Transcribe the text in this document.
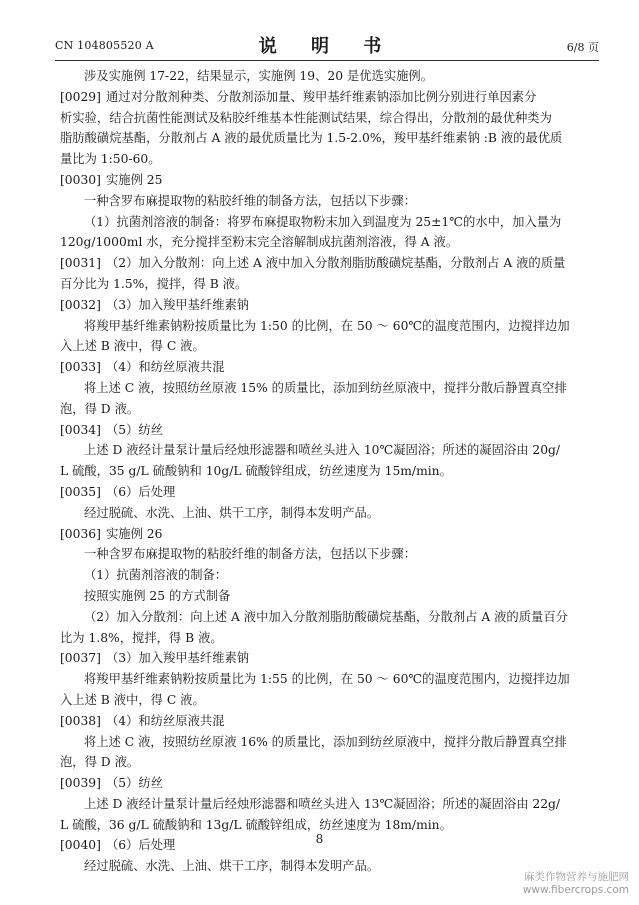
CN 104805520 A	说 明 书	6/8 页
涉及实施例 17-22，结果显示，实施例 19、20 是优选实施例。
[0029] 通过对分散剂种类、分散剂添加量、羧甲基纤维素钠添加比例分别进行单因素分
析实验，结合抗菌性能测试及粘胶纤维基本性能测试结果，综合得出，分散剂的最优种类为
脂肪酸磺烷基酯，分散剂占 A 液的最优质量比为 1.5-2.0%，羧甲基纤维素钠 :B 液的最优质
量比为 1:50-60。
[0030] 实施例 25
一种含罗布麻提取物的粘胶纤维的制备方法，包括以下步骤：
（1）抗菌剂溶液的制备：将罗布麻提取物粉末加入到温度为 25±1℃的水中，加入量为
120g/1000ml 水，充分搅拌至粉末完全溶解制成抗菌剂溶液，得 A 液。
[0031] （2）加入分散剂：向上述 A 液中加入分散剂脂肪酸磺烷基酯，分散剂占 A 液的质量
百分比为 1.5%，搅拌，得 B 液。
[0032] （3）加入羧甲基纤维素钠
将羧甲基纤维素钠粉按质量比为 1:50 的比例，在 50 ～ 60℃的温度范围内，边搅拌边加
入上述 B 液中，得 C 液。
[0033] （4）和纺丝原液共混
将上述 C 液，按照纺丝原液 15% 的质量比，添加到纺丝原液中，搅拌分散后静置真空排
泡，得 D 液。
[0034] （5）纺丝
上述 D 液经计量泵计量后经烛形滤器和喷丝头进入 10℃凝固浴；所述的凝固浴由 20g/
L 硫酸，35 g/L 硫酸钠和 10g/L 硫酸锌组成，纺丝速度为 15m/min。
[0035] （6）后处理
经过脱硫、水洗、上油、烘干工序，制得本发明产品。
[0036] 实施例 26
一种含罗布麻提取物的粘胶纤维的制备方法，包括以下步骤：
（1）抗菌剂溶液的制备：
按照实施例 25 的方式制备
（2）加入分散剂：向上述 A 液中加入分散剂脂肪酸磺烷基酯，分散剂占 A 液的质量百分
比为 1.8%，搅拌，得 B 液。
[0037] （3）加入羧甲基纤维素钠
将羧甲基纤维素钠粉按质量比为 1:55 的比例，在 50 ～ 60℃的温度范围内，边搅拌边加
入上述 B 液中，得 C 液。
[0038] （4）和纺丝原液共混
将上述 C 液，按照纺丝原液 16% 的质量比，添加到纺丝原液中，搅拌分散后静置真空排
泡，得 D 液。
[0039] （5）纺丝
上述 D 液经计量泵计量后经烛形滤器和喷丝头进入 13℃凝固浴；所述的凝固浴由 22g/
L 硫酸，36 g/L 硫酸钠和 13g/L 硫酸锌组成，纺丝速度为 18m/min。
[0040] （6）后处理
经过脱硫、水洗、上油、烘干工序，制得本发明产品。
8
麻类作物营养与施肥网
www.fibercrops.com
